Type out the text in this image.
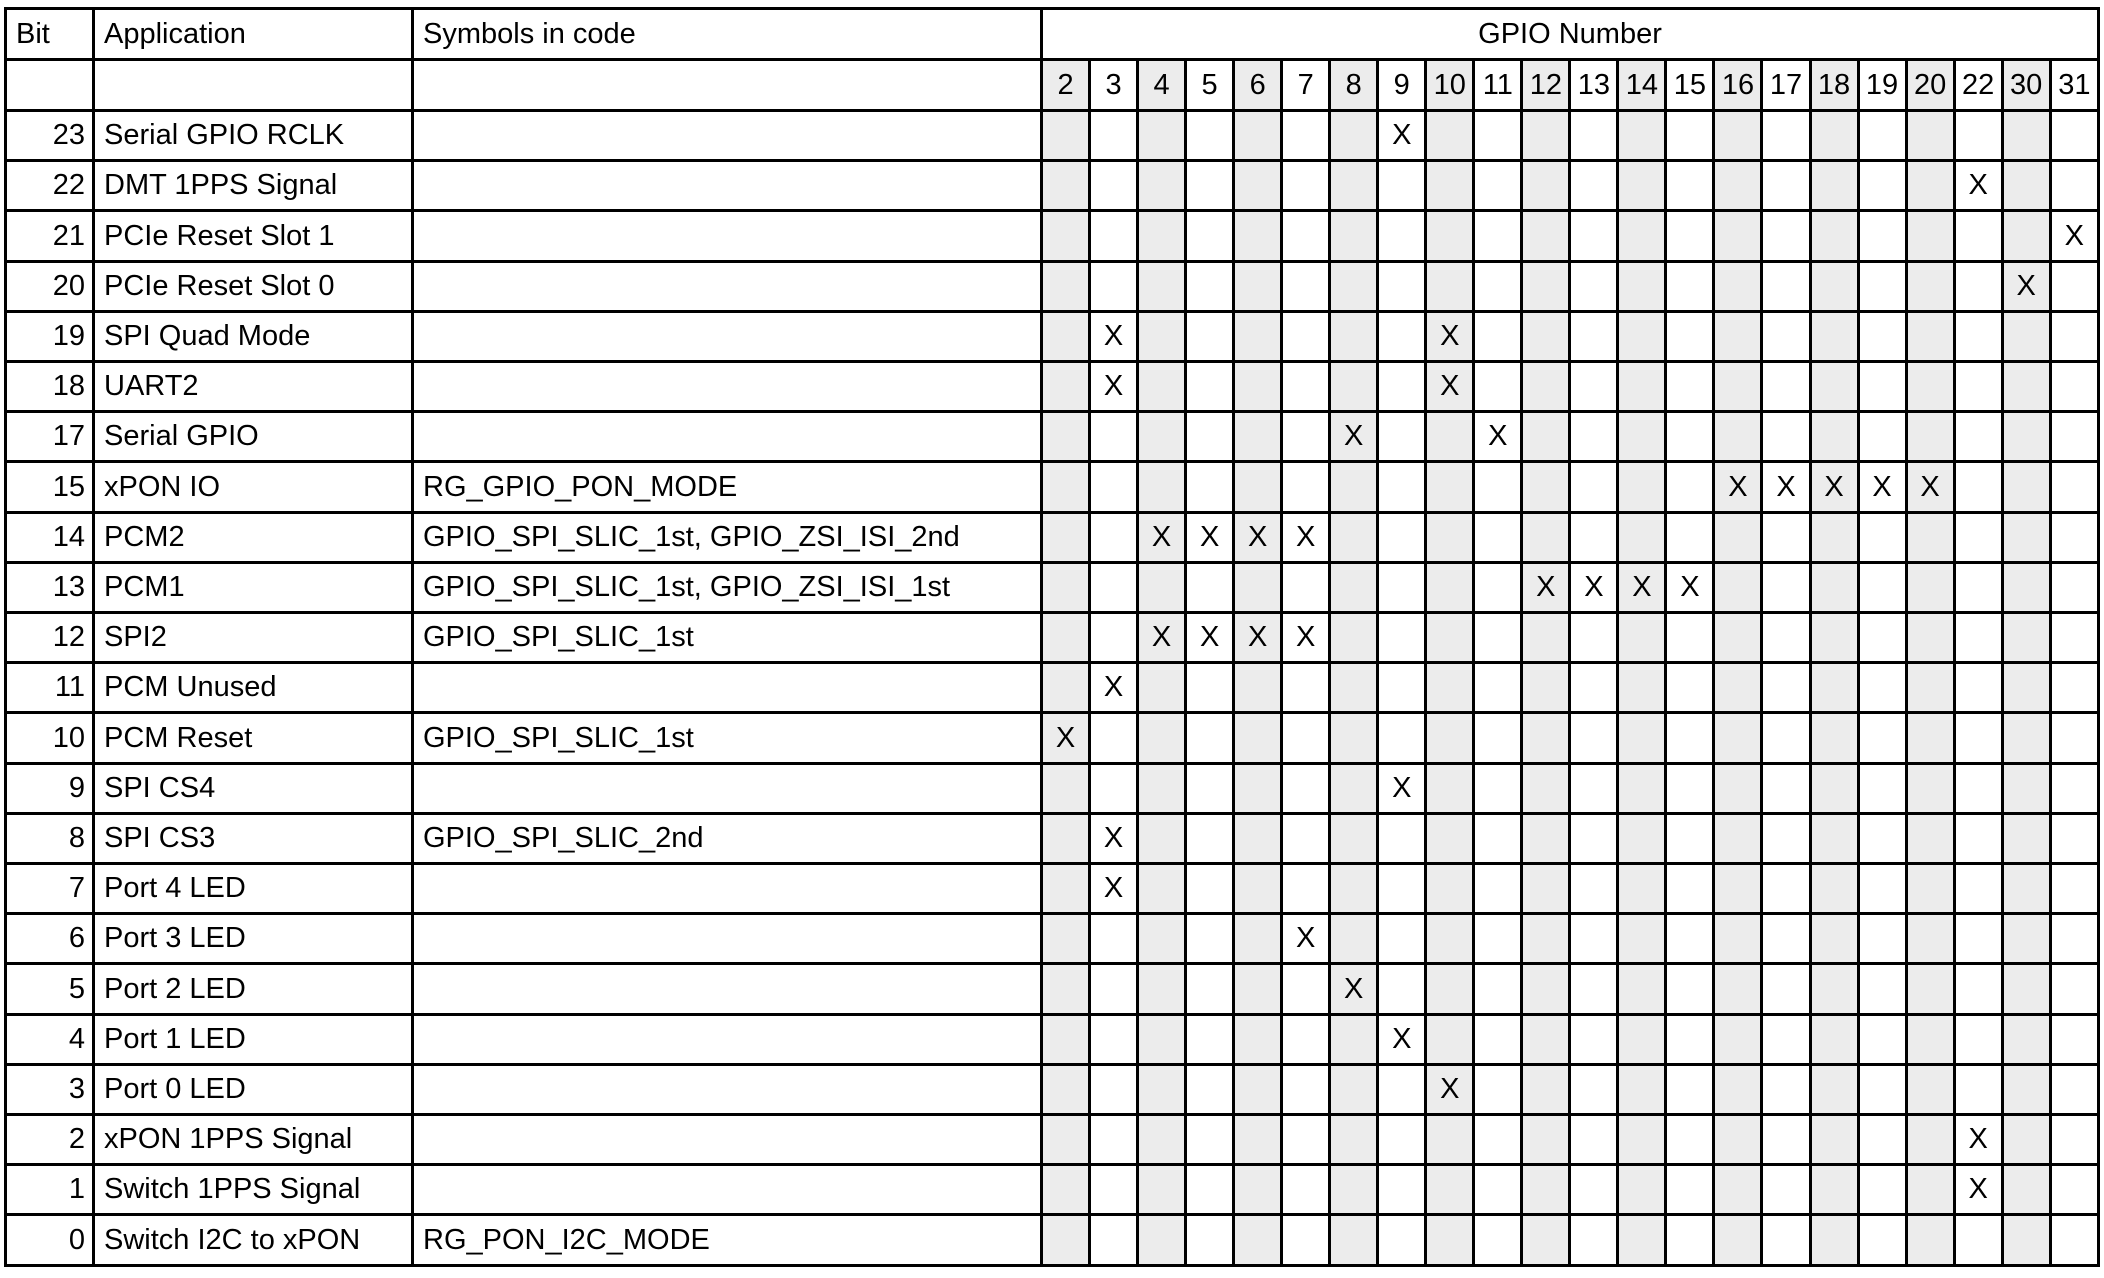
Bit	Application	Symbols in code	GPIO Number																					
			2	3	4	5	6	7	8	9	10	11	12	13	14	15	16	17	18	19	20	22	30	31
23	Serial GPIO RCLK									X														
22	DMT 1PPS Signal																					X		
21	PCIe Reset Slot 1																							X
20	PCIe Reset Slot 0																						X	
19	SPI Quad Mode			X							X													
18	UART2			X							X													
17	Serial GPIO								X			X												
15	xPON IO	RG_GPIO_PON_MODE															X	X	X	X	X			
14	PCM2	GPIO_SPI_SLIC_1st, GPIO_ZSI_ISI_2nd			X	X	X	X																
13	PCM1	GPIO_SPI_SLIC_1st, GPIO_ZSI_ISI_1st											X	X	X	X								
12	SPI2	GPIO_SPI_SLIC_1st			X	X	X	X																
11	PCM Unused			X																				
10	PCM Reset	GPIO_SPI_SLIC_1st	X																					
9	SPI CS4									X														
8	SPI CS3	GPIO_SPI_SLIC_2nd		X																				
7	Port 4 LED			X																				
6	Port 3 LED							X																
5	Port 2 LED								X															
4	Port 1 LED									X														
3	Port 0 LED										X													
2	xPON 1PPS Signal																					X		
1	Switch 1PPS Signal																					X		
0	Switch I2C to xPON	RG_PON_I2C_MODE																						
